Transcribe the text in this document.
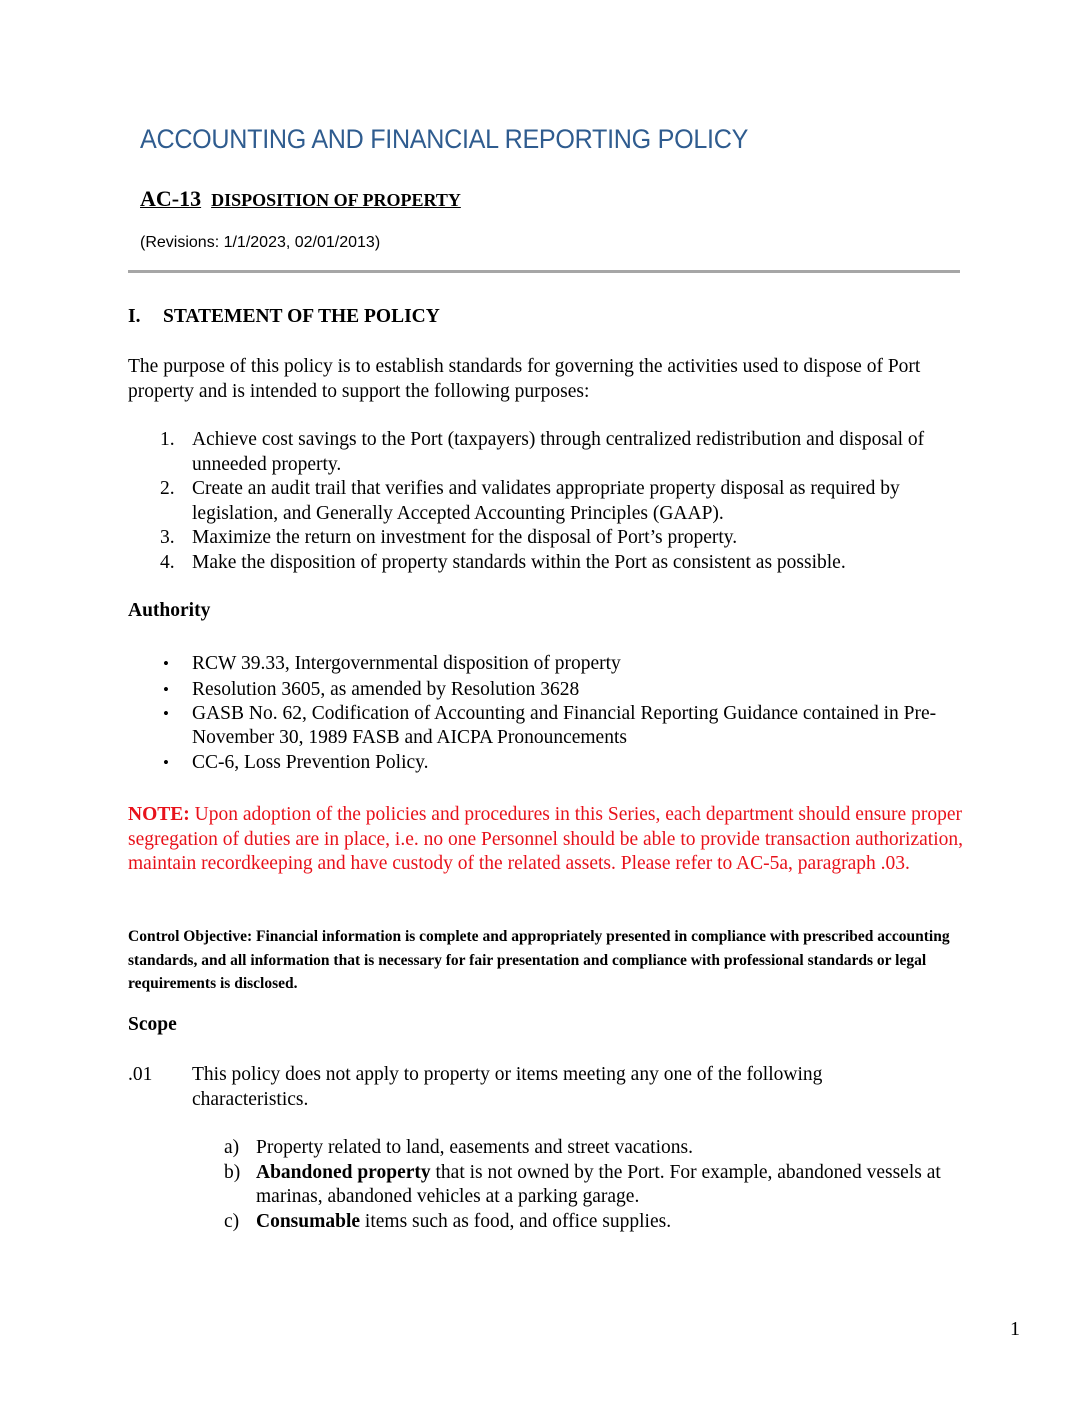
ACCOUNTING AND FINANCIAL REPORTING POLICY
AC-13 DISPOSITION OF PROPERTY
(Revisions: 1/1/2023, 02/01/2013)
I. STATEMENT OF THE POLICY
The purpose of this policy is to establish standards for governing the activities used to dispose of Port property and is intended to support the following purposes:
1. Achieve cost savings to the Port (taxpayers) through centralized redistribution and disposal of unneeded property.
2. Create an audit trail that verifies and validates appropriate property disposal as required by legislation, and Generally Accepted Accounting Principles (GAAP).
3. Maximize the return on investment for the disposal of Port’s property.
4. Make the disposition of property standards within the Port as consistent as possible.
Authority
• RCW 39.33, Intergovernmental disposition of property
• Resolution 3605, as amended by Resolution 3628
• GASB No. 62, Codification of Accounting and Financial Reporting Guidance contained in Pre-November 30, 1989 FASB and AICPA Pronouncements
• CC-6, Loss Prevention Policy.
NOTE: Upon adoption of the policies and procedures in this Series, each department should ensure proper segregation of duties are in place, i.e. no one Personnel should be able to provide transaction authorization, maintain recordkeeping and have custody of the related assets. Please refer to AC-5a, paragraph .03.
Control Objective: Financial information is complete and appropriately presented in compliance with prescribed accounting standards, and all information that is necessary for fair presentation and compliance with professional standards or legal requirements is disclosed.
Scope
.01 This policy does not apply to property or items meeting any one of the following characteristics.
a) Property related to land, easements and street vacations.
b) Abandoned property that is not owned by the Port. For example, abandoned vessels at marinas, abandoned vehicles at a parking garage.
c) Consumable items such as food, and office supplies.
1
